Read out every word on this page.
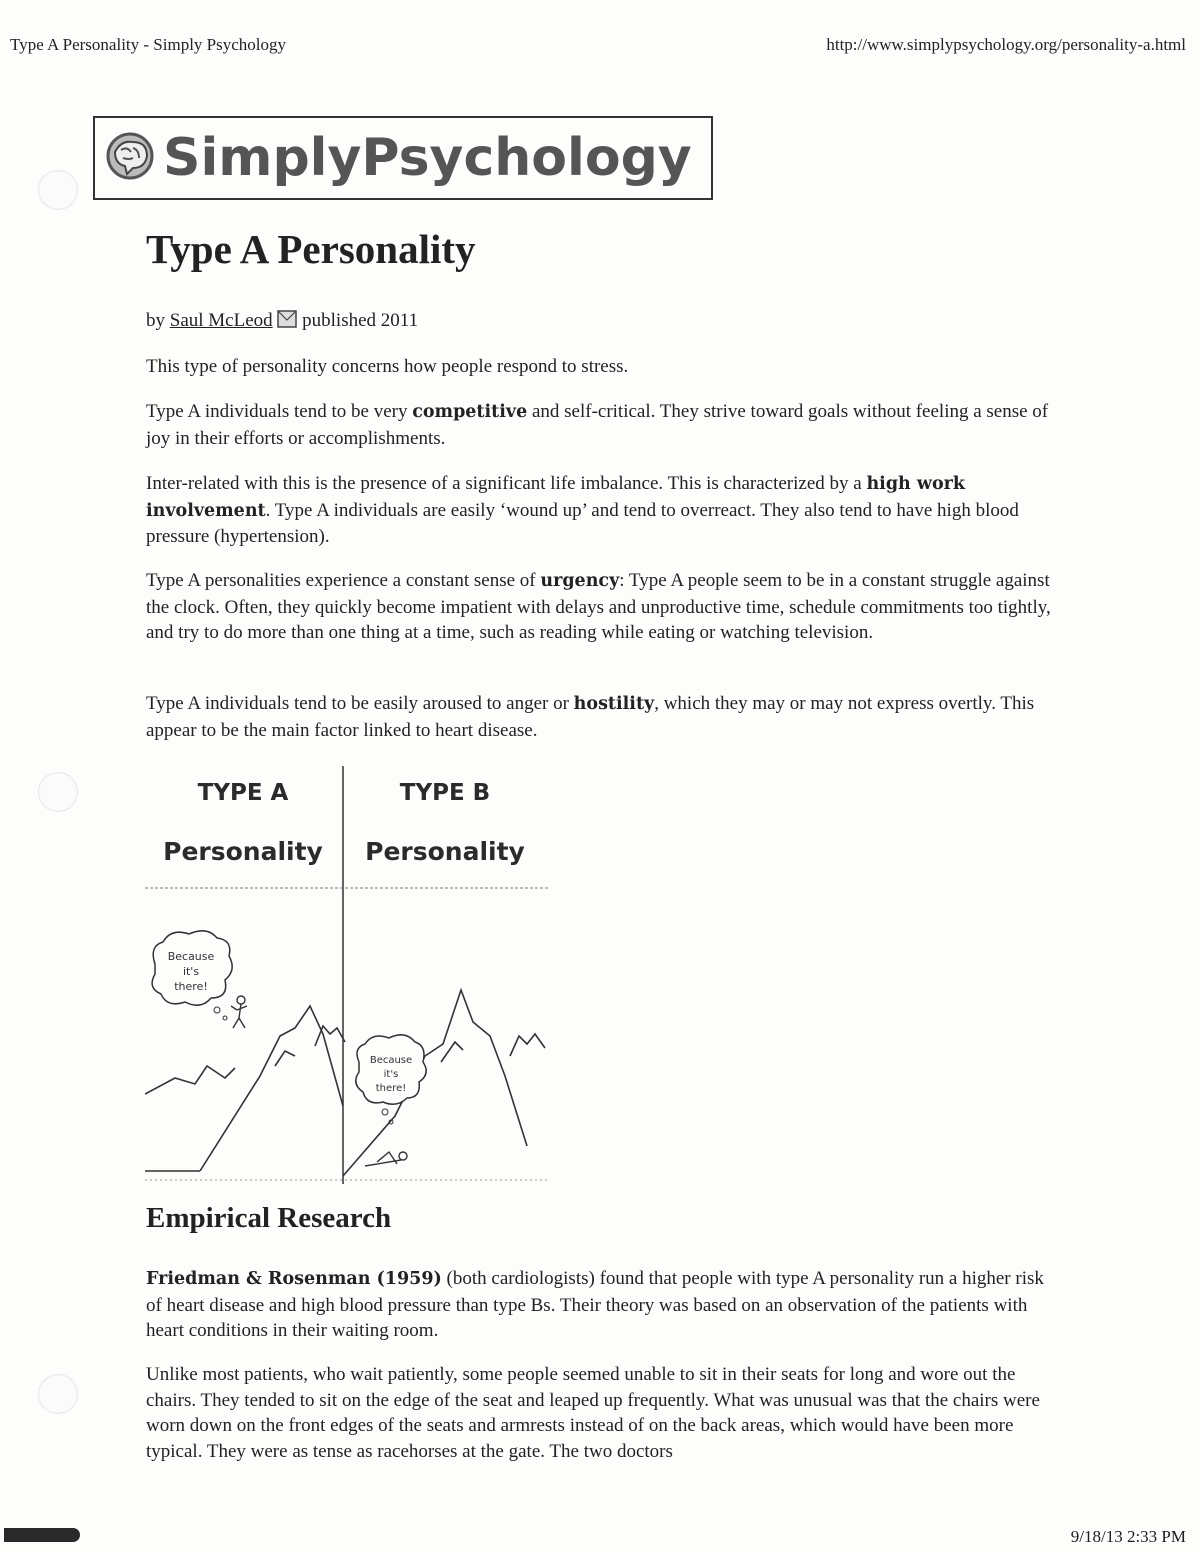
Type A Personality - Simply Psychology	http://www.simplypsychology.org/personality-a.html
SimplyPsychology
Type A Personality

by Saul McLeod published 2011

This type of personality concerns how people respond to stress.

Type A individuals tend to be very competitive and self-critical. They strive toward goals without feeling a sense of joy in their efforts or accomplishments.

Inter-related with this is the presence of a significant life imbalance. This is characterized by a high work involvement. Type A individuals are easily ‘wound up’ and tend to overreact. They also tend to have high blood pressure (hypertension).

Type A personalities experience a constant sense of urgency: Type A people seem to be in a constant struggle against the clock. Often, they quickly become impatient with delays and unproductive time, schedule commitments too tightly, and try to do more than one thing at a time, such as reading while eating or watching television.

Type A individuals tend to be easily aroused to anger or hostility, which they may or may not express overtly. This appear to be the main factor linked to heart disease.

TYPE A
Personality
TYPE B
Personality
Because
it's
there!
Because
it's
there!
Empirical Research

Friedman & Rosenman (1959) (both cardiologists) found that people with type A personality run a higher risk of heart disease and high blood pressure than type Bs. Their theory was based on an observation of the patients with heart conditions in their waiting room.

Unlike most patients, who wait patiently, some people seemed unable to sit in their seats for long and wore out the chairs. They tended to sit on the edge of the seat and leaped up frequently. What was unusual was that the chairs were worn down on the front edges of the seats and armrests instead of on the back areas, which would have been more typical. They were as tense as racehorses at the gate. The two doctors

9/18/13 2:33 PM
